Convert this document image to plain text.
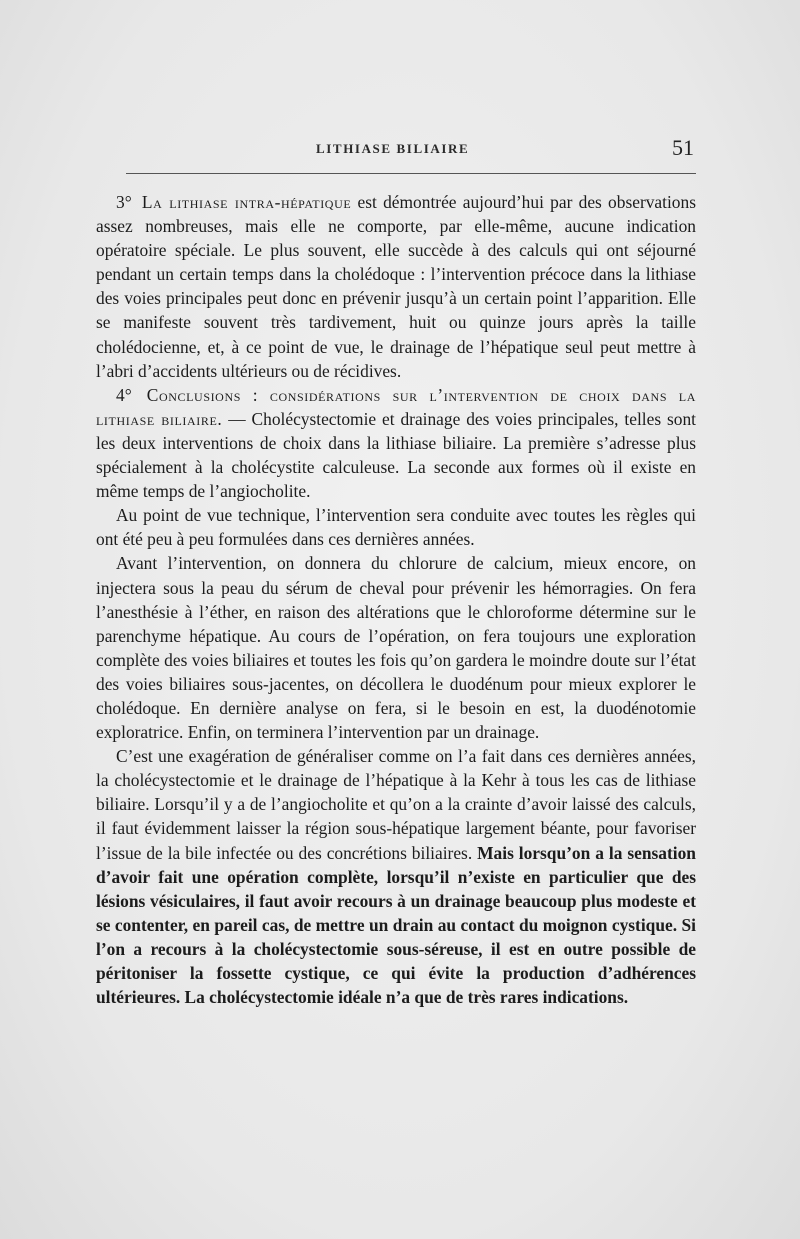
LITHIASE BILIAIRE	51

3° La lithiase intra-hépatique est démontrée aujourd’hui par des observations assez nombreuses, mais elle ne comporte, par elle-même, aucune indication opératoire spéciale. Le plus souvent, elle succède à des calculs qui ont séjourné pendant un certain temps dans la cholédoque : l’intervention précoce dans la lithiase des voies principales peut donc en prévenir jusqu’à un certain point l’apparition. Elle se manifeste souvent très tardivement, huit ou quinze jours après la taille cholédocienne, et, à ce point de vue, le drainage de l’hépatique seul peut mettre à l’abri d’accidents ultérieurs ou de récidives.

4° Conclusions : considérations sur l’intervention de choix dans la lithiase biliaire. — Cholécystectomie et drainage des voies principales, telles sont les deux interventions de choix dans la lithiase biliaire. La première s’adresse plus spécialement à la cholécystite calculeuse. La seconde aux formes où il existe en même temps de l’angiocholite.

Au point de vue technique, l’intervention sera conduite avec toutes les règles qui ont été peu à peu formulées dans ces dernières années.

Avant l’intervention, on donnera du chlorure de calcium, mieux encore, on injectera sous la peau du sérum de cheval pour prévenir les hémorragies. On fera l’anesthésie à l’éther, en raison des altérations que le chloroforme détermine sur le parenchyme hépatique. Au cours de l’opération, on fera toujours une exploration complète des voies biliaires et toutes les fois qu’on gardera le moindre doute sur l’état des voies biliaires sous-jacentes, on décollera le duodénum pour mieux explorer le cholédoque. En dernière analyse on fera, si le besoin en est, la duodénotomie exploratrice. Enfin, on terminera l’intervention par un drainage.

C’est une exagération de généraliser comme on l’a fait dans ces dernières années, la cholécystectomie et le drainage de l’hépatique à la Kehr à tous les cas de lithiase biliaire. Lorsqu’il y a de l’angiocholite et qu’on a la crainte d’avoir laissé des calculs, il faut évidemment laisser la région sous-hépatique largement béante, pour favoriser l’issue de la bile infectée ou des concrétions biliaires. Mais lorsqu’on a la sensation d’avoir fait une opération complète, lorsqu’il n’existe en particulier que des lésions vésiculaires, il faut avoir recours à un drainage beaucoup plus modeste et se contenter, en pareil cas, de mettre un drain au contact du moignon cystique. Si l’on a recours à la cholécystectomie sous-séreuse, il est en outre possible de péritoniser la fossette cystique, ce qui évite la production d’adhérences ultérieures. La cholécystectomie idéale n’a que de très rares indications.
